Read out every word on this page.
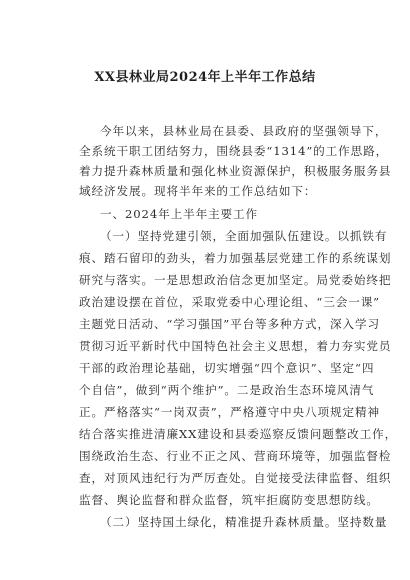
XX县林业局2024年上半年工作总结
今年以来，县林业局在县委、县政府的坚强领导下，
全系统干职工团结努力，围绕县委“1314”的工作思路，
着力提升森林质量和强化林业资源保护，积极服务服务县
域经济发展。现将半年来的工作总结如下：
一、2024年上半年主要工作
（一）坚持党建引领，全面加强队伍建设。以抓铁有
痕、踏石留印的劲头，着力加强基层党建工作的系统谋划
研究与落实。一是思想政治信念更加坚定。局党委始终把
政治建设摆在首位，采取党委中心理论组、“三会一课”
主题党日活动、“学习强国”平台等多种方式，深入学习
贯彻习近平新时代中国特色社会主义思想，着力夯实党员
干部的政治理论基础，切实增强“四个意识”、坚定“四
个自信”，做到“两个维护”。二是政治生态环境风清气
正。严格落实“一岗双责”，严格遵守中央八项规定精神
结合落实推进清廉XX建设和县委巡察反馈问题整改工作，
围绕政治生态、行业不正之风、营商环境等，加强监督检
查，对顶风违纪行为严厉查处。自觉接受法律监督、组织
监督、舆论监督和群众监督，筑牢拒腐防变思想防线。
（二）坚持国土绿化，精准提升森林质量。坚持数量
